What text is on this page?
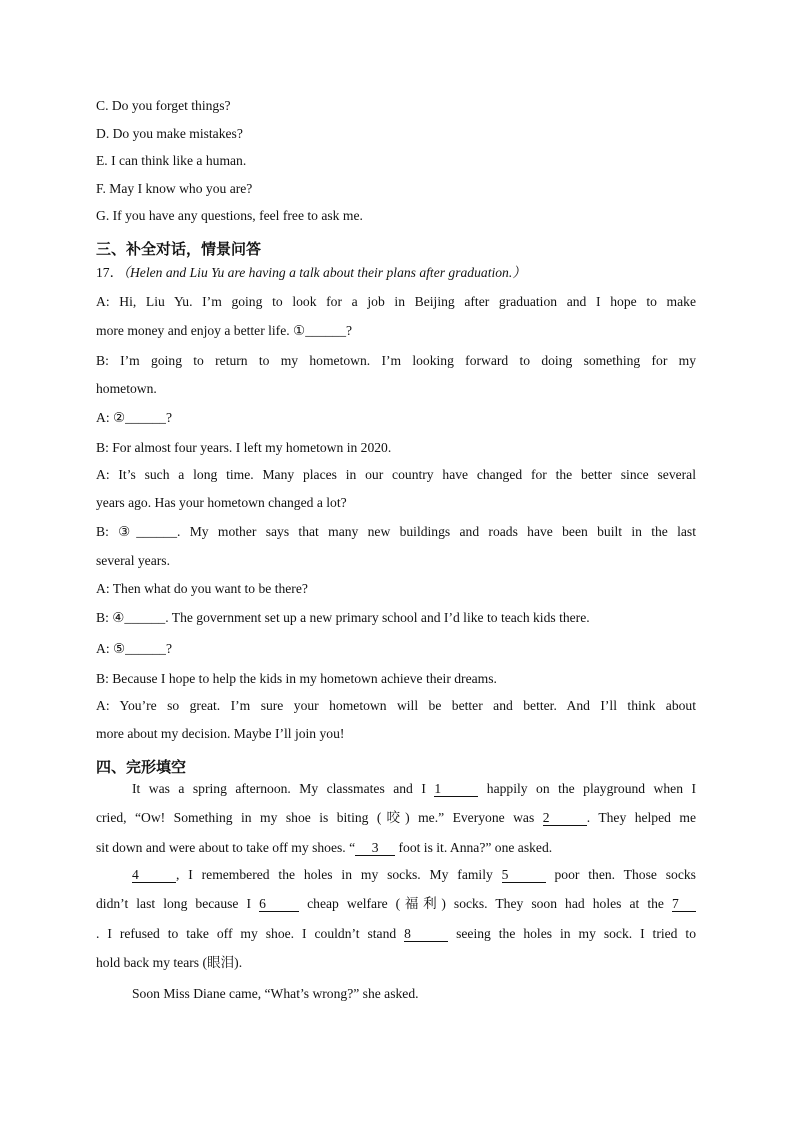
C. Do you forget things?
D. Do you make mistakes?
E. I can think like a human.
F. May I know who you are?
G. If you have any questions, feel free to ask me.
三、补全对话，情景问答
17．（Helen and Liu Yu are having a talk about their plans after graduation.）
A: Hi, Liu Yu. I’m going to look for a job in Beijing after graduation and I hope to make
more money and enjoy a better life. ①______?
B: I’m going to return to my hometown. I’m looking forward to doing something for my
hometown.
A: ②______?
B: For almost four years. I left my hometown in 2020.
A: It’s such a long time. Many places in our country have changed for the better since several
years ago. Has your hometown changed a lot?
B: ③______. My mother says that many new buildings and roads have been built in the last
several years.
A: Then what do you want to be there?
B: ④______. The government set up a new primary school and I’d like to teach kids there.
A: ⑤______?
B: Because I hope to help the kids in my hometown achieve their dreams.
A: You’re so great. I’m sure your hometown will be better and better. And I’ll think about
more about my decision. Maybe I’ll join you!
四、完形填空
It was a spring afternoon. My classmates and I 1	happily on the playground when I
cried, “Ow! Something in my shoe is biting (咬) me.” Everyone was 2	. They helped me
sit down and were about to take off my shoes. “ 3 foot is it. Anna?” one asked.
4	, I remembered the holes in my socks. My family 5	poor then. Those socks
didn’t last long because I 6	cheap welfare (福利) socks. They soon had holes at the 7
. I refused to take off my shoe. I couldn’t stand 8	seeing the holes in my sock. I tried to
hold back my tears (眼泪).
Soon Miss Diane came, “What’s wrong?” she asked.
